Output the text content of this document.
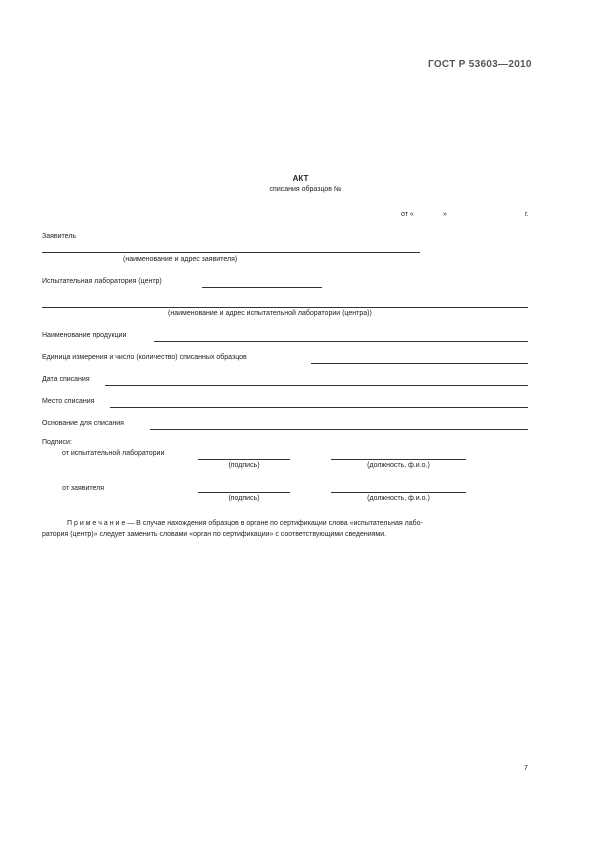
ГОСТ Р 53603—2010
АКТ
списания образцов №
от «	»	г.
Заявитель
(наименование и адрес заявителя)
Испытательная лаборатория (центр)
(наименование и адрес испытательной лаборатории (центра))
Наименование продукции
Единица измерения и число (количество) списанных образцов
Дата списания
Место списания
Основание для списания
Подписи:
от испытательной лаборатории
(подпись)	(должность, ф.и.о.)
от заявителя
(подпись)	(должность, ф.и.о.)
П р и м е ч а н и е — В случае нахождения образцов в органе по сертификации слова «испытательная лабо-
ратория (центр)» следует заменить словами «орган по сертификации» с соответствующими сведениями.
7
